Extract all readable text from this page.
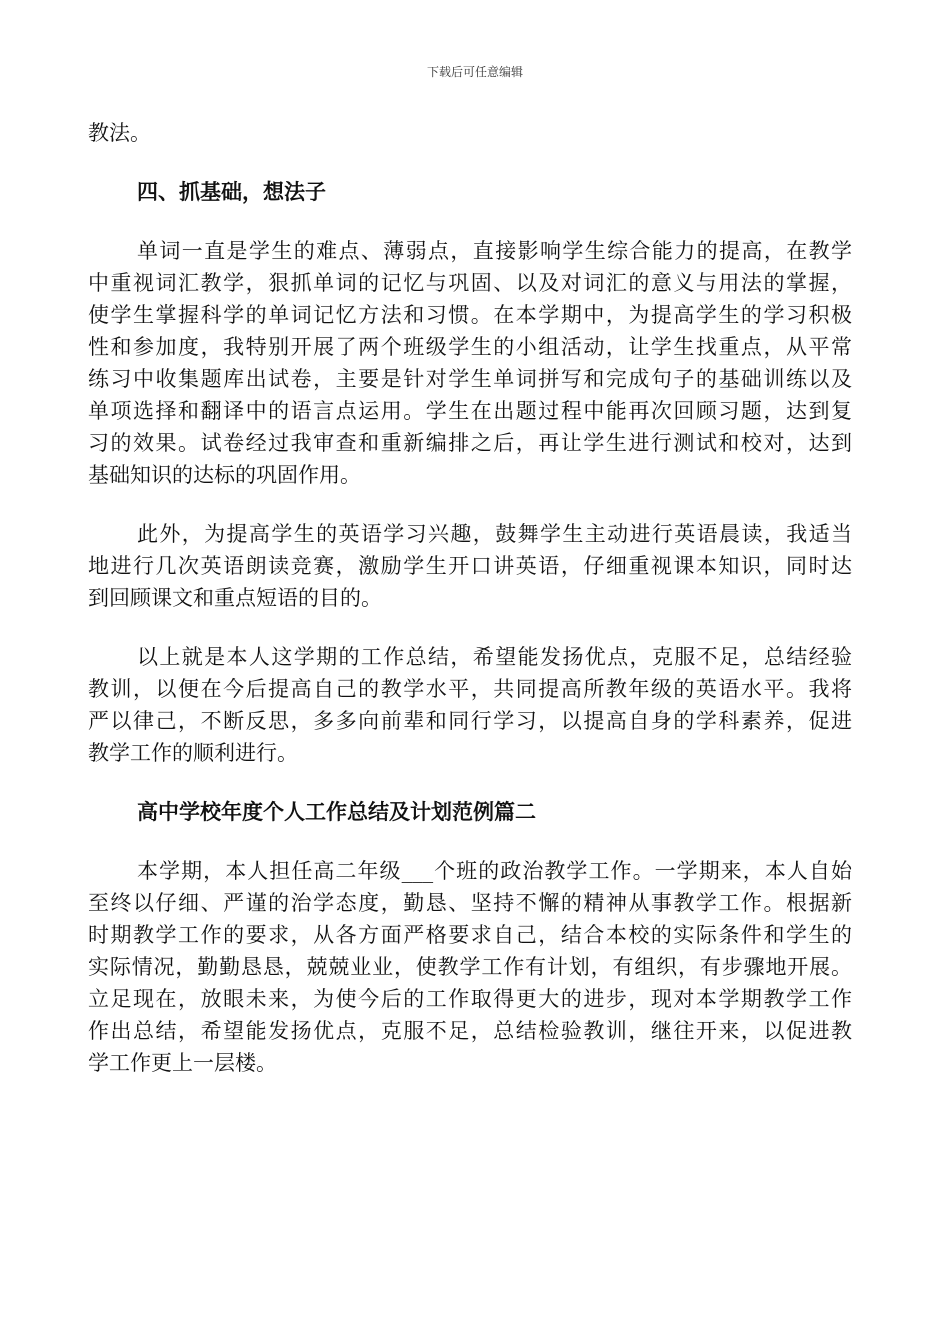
下载后可任意编辑
教法。
四、抓基础，想法子
单词一直是学生的难点、薄弱点，直接影响学生综合能力的提高，在教学
中重视词汇教学，狠抓单词的记忆与巩固、以及对词汇的意义与用法的掌握，
使学生掌握科学的单词记忆方法和习惯。在本学期中，为提高学生的学习积极
性和参加度，我特别开展了两个班级学生的小组活动，让学生找重点，从平常
练习中收集题库出试卷，主要是针对学生单词拼写和完成句子的基础训练以及
单项选择和翻译中的语言点运用。学生在出题过程中能再次回顾习题，达到复
习的效果。试卷经过我审查和重新编排之后，再让学生进行测试和校对，达到
基础知识的达标的巩固作用。
此外，为提高学生的英语学习兴趣，鼓舞学生主动进行英语晨读，我适当
地进行几次英语朗读竞赛，激励学生开口讲英语，仔细重视课本知识，同时达
到回顾课文和重点短语的目的。
以上就是本人这学期的工作总结，希望能发扬优点，克服不足，总结经验
教训，以便在今后提高自己的教学水平，共同提高所教年级的英语水平。我将
严以律己，不断反思，多多向前辈和同行学习，以提高自身的学科素养，促进
教学工作的顺利进行。
高中学校年度个人工作总结及计划范例篇二
本学期，本人担任高二年级___个班的政治教学工作。一学期来，本人自始
至终以仔细、严谨的治学态度，勤恳、坚持不懈的精神从事教学工作。根据新
时期教学工作的要求，从各方面严格要求自己，结合本校的实际条件和学生的
实际情况，勤勤恳恳，兢兢业业，使教学工作有计划，有组织，有步骤地开展。
立足现在，放眼未来，为使今后的工作取得更大的进步，现对本学期教学工作
作出总结，希望能发扬优点，克服不足，总结检验教训，继往开来，以促进教
学工作更上一层楼。
